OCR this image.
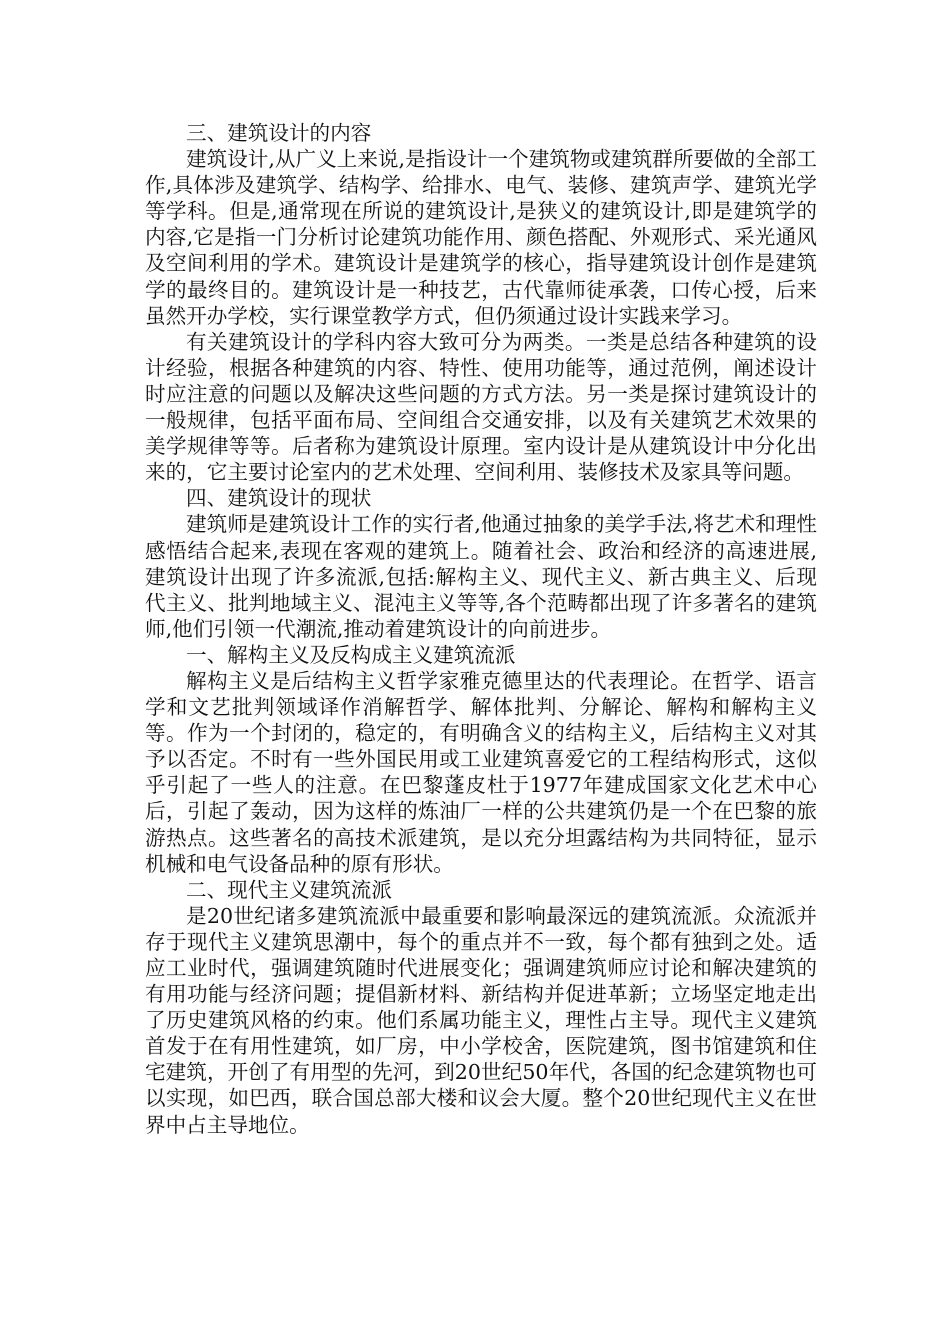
三、建筑设计的内容

建筑设计,从广义上来说,是指设计一个建筑物或建筑群所要做的全部工作,具体涉及建筑学、结构学、给排水、电气、装修、建筑声学、建筑光学等学科。但是,通常现在所说的建筑设计,是狭义的建筑设计,即是建筑学的内容,它是指一门分析讨论建筑功能作用、颜色搭配、外观形式、采光通风及空间利用的学术。建筑设计是建筑学的核心，指导建筑设计创作是建筑学的最终目的。建筑设计是一种技艺，古代靠师徒承袭，口传心授，后来虽然开办学校，实行课堂教学方式，但仍须通过设计实践来学习。

有关建筑设计的学科内容大致可分为两类。一类是总结各种建筑的设计经验，根据各种建筑的内容、特性、使用功能等，通过范例，阐述设计时应注意的问题以及解决这些问题的方式方法。另一类是探讨建筑设计的一般规律，包括平面布局、空间组合交通安排，以及有关建筑艺术效果的美学规律等等。后者称为建筑设计原理。室内设计是从建筑设计中分化出来的，它主要讨论室内的艺术处理、空间利用、装修技术及家具等问题。

四、建筑设计的现状

建筑师是建筑设计工作的实行者,他通过抽象的美学手法,将艺术和理性感悟结合起来,表现在客观的建筑上。随着社会、政治和经济的高速进展,建筑设计出现了许多流派,包括:解构主义、现代主义、新古典主义、后现代主义、批判地域主义、混沌主义等等,各个范畴都出现了许多著名的建筑师,他们引领一代潮流,推动着建筑设计的向前进步。

一、解构主义及反构成主义建筑流派

解构主义是后结构主义哲学家雅克德里达的代表理论。在哲学、语言学和文艺批判领域译作消解哲学、解体批判、分解论、解构和解构主义等。作为一个封闭的，稳定的，有明确含义的结构主义，后结构主义对其予以否定。不时有一些外国民用或工业建筑喜爱它的工程结构形式，这似乎引起了一些人的注意。在巴黎蓬皮杜于1977年建成国家文化艺术中心后，引起了轰动，因为这样的炼油厂一样的公共建筑仍是一个在巴黎的旅游热点。这些著名的高技术派建筑，是以充分坦露结构为共同特征，显示机械和电气设备品种的原有形状。

二、现代主义建筑流派

是20世纪诸多建筑流派中最重要和影响最深远的建筑流派。众流派并存于现代主义建筑思潮中，每个的重点并不一致，每个都有独到之处。适应工业时代，强调建筑随时代进展变化；强调建筑师应讨论和解决建筑的有用功能与经济问题；提倡新材料、新结构并促进革新；立场坚定地走出了历史建筑风格的约束。他们系属功能主义，理性占主导。现代主义建筑首发于在有用性建筑，如厂房，中小学校舍，医院建筑，图书馆建筑和住宅建筑，开创了有用型的先河，到20世纪50年代，各国的纪念建筑物也可以实现，如巴西，联合国总部大楼和议会大厦。整个20世纪现代主义在世界中占主导地位。
